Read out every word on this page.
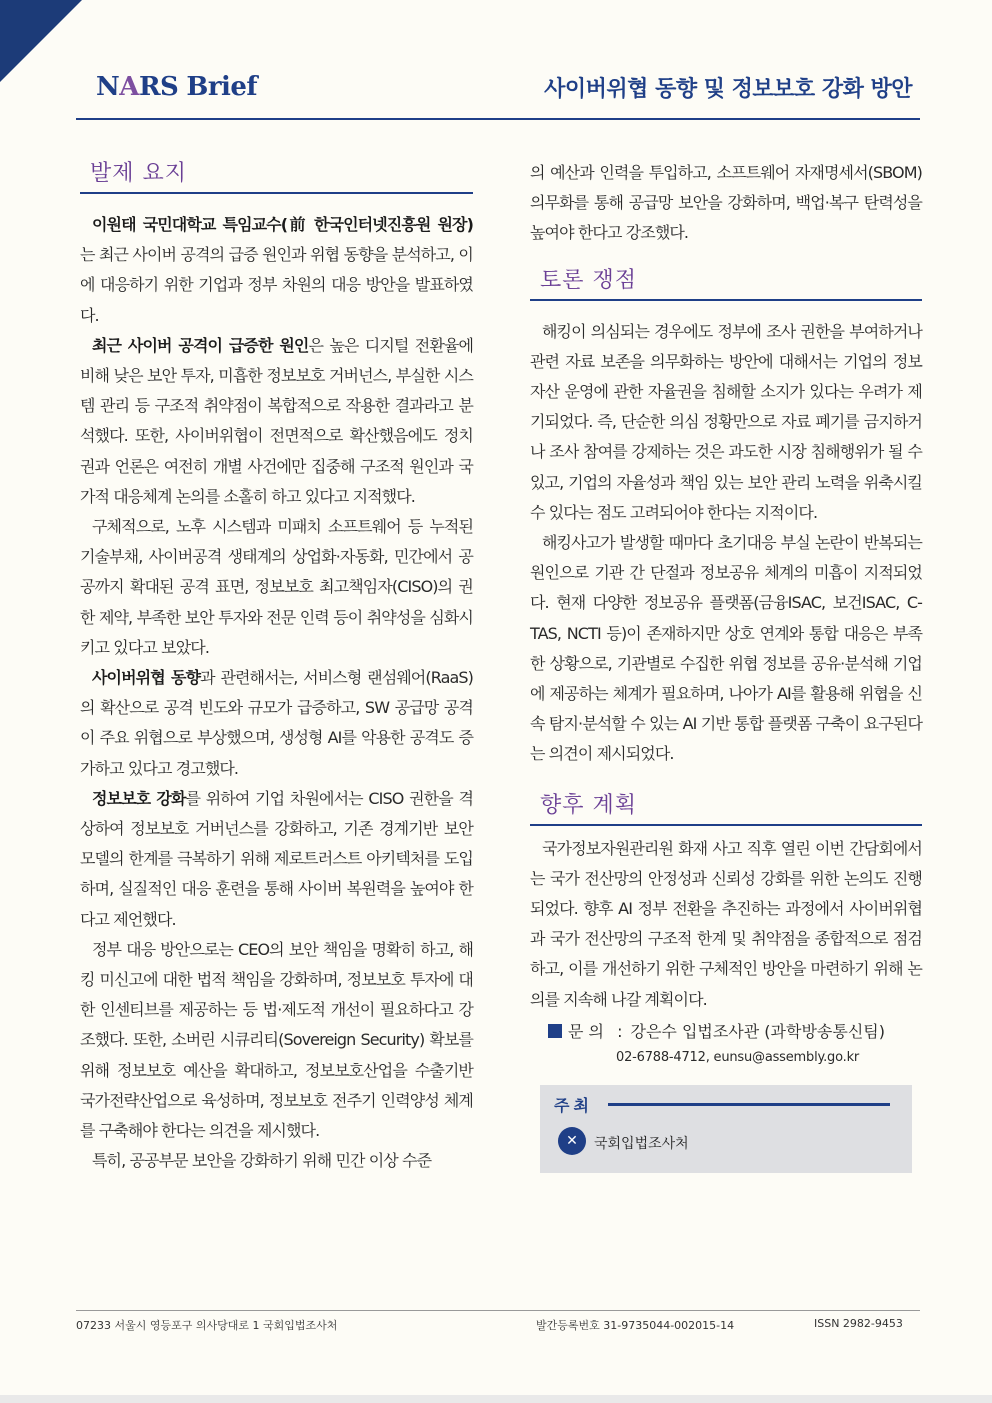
NARS Brief	사이버위협 동향 및 정보보호 강화 방안
발제 요지

이원태 국민대학교 특임교수(前 한국인터넷진흥원 원장)는 최근 사이버 공격의 급증 원인과 위협 동향을 분석하고, 이에 대응하기 위한 기업과 정부 차원의 대응 방안을 발표하였다.

최근 사이버 공격이 급증한 원인은 높은 디지털 전환율에 비해 낮은 보안 투자, 미흡한 정보보호 거버넌스, 부실한 시스템 관리 등 구조적 취약점이 복합적으로 작용한 결과라고 분석했다. 또한, 사이버위협이 전면적으로 확산했음에도 정치권과 언론은 여전히 개별 사건에만 집중해 구조적 원인과 국가적 대응체계 논의를 소홀히 하고 있다고 지적했다.

구체적으로, 노후 시스템과 미패치 소프트웨어 등 누적된 기술부채, 사이버공격 생태계의 상업화·자동화, 민간에서 공공까지 확대된 공격 표면, 정보보호 최고책임자(CISO)의 권한 제약, 부족한 보안 투자와 전문 인력 등이 취약성을 심화시키고 있다고 보았다.

사이버위협 동향과 관련해서는, 서비스형 랜섬웨어(RaaS)의 확산으로 공격 빈도와 규모가 급증하고, SW 공급망 공격이 주요 위협으로 부상했으며, 생성형 AI를 악용한 공격도 증가하고 있다고 경고했다.

정보보호 강화를 위하여 기업 차원에서는 CISO 권한을 격상하여 정보보호 거버넌스를 강화하고, 기존 경계기반 보안모델의 한계를 극복하기 위해 제로트러스트 아키텍처를 도입하며, 실질적인 대응 훈련을 통해 사이버 복원력을 높여야 한다고 제언했다.

정부 대응 방안으로는 CEO의 보안 책임을 명확히 하고, 해킹 미신고에 대한 법적 책임을 강화하며, 정보보호 투자에 대한 인센티브를 제공하는 등 법·제도적 개선이 필요하다고 강조했다. 또한, 소버린 시큐리티(Sovereign Security) 확보를 위해 정보보호 예산을 확대하고, 정보보호산업을 수출기반 국가전략산업으로 육성하며, 정보보호 전주기 인력양성 체계를 구축해야 한다는 의견을 제시했다.

특히, 공공부문 보안을 강화하기 위해 민간 이상 수준

의 예산과 인력을 투입하고, 소프트웨어 자재명세서(SBOM) 의무화를 통해 공급망 보안을 강화하며, 백업·복구 탄력성을 높여야 한다고 강조했다.

토론 쟁점

해킹이 의심되는 경우에도 정부에 조사 권한을 부여하거나 관련 자료 보존을 의무화하는 방안에 대해서는 기업의 정보자산 운영에 관한 자율권을 침해할 소지가 있다는 우려가 제기되었다. 즉, 단순한 의심 정황만으로 자료 폐기를 금지하거나 조사 참여를 강제하는 것은 과도한 시장 침해행위가 될 수 있고, 기업의 자율성과 책임 있는 보안 관리 노력을 위축시킬 수 있다는 점도 고려되어야 한다는 지적이다.

해킹사고가 발생할 때마다 초기대응 부실 논란이 반복되는 원인으로 기관 간 단절과 정보공유 체계의 미흡이 지적되었다. 현재 다양한 정보공유 플랫폼(금융ISAC, 보건ISAC, C-TAS, NCTI 등)이 존재하지만 상호 연계와 통합 대응은 부족한 상황으로, 기관별로 수집한 위협 정보를 공유·분석해 기업에 제공하는 체계가 필요하며, 나아가 AI를 활용해 위협을 신속 탐지·분석할 수 있는 AI 기반 통합 플랫폼 구축이 요구된다는 의견이 제시되었다.

향후 계획

국가정보자원관리원 화재 사고 직후 열린 이번 간담회에서는 국가 전산망의 안정성과 신뢰성 강화를 위한 논의도 진행되었다. 향후 AI 정부 전환을 추진하는 과정에서 사이버위협과 국가 전산망의 구조적 한계 및 취약점을 종합적으로 점검하고, 이를 개선하기 위한 구체적인 방안을 마련하기 위해 논의를 지속해 나갈 계획이다.

문 의 : 강은수 입법조사관 (과학방송통신팀)
02-6788-4712, eunsu@assembly.go.kr
주최
✕	국회입법조사처
07233 서울시 영등포구 의사당대로 1 국회입법조사처	발간등록번호 31-9735044-002015-14	ISSN 2982-9453
